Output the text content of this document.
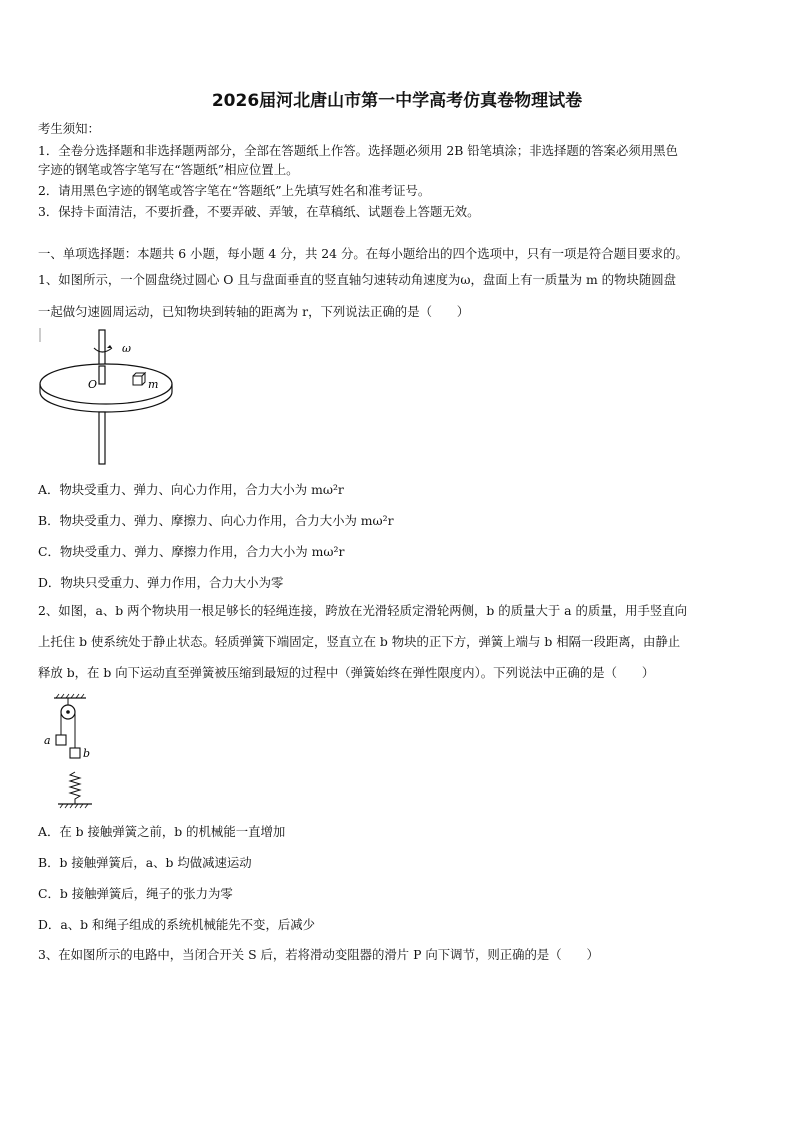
2026届河北唐山市第一中学高考仿真卷物理试卷
考生须知：
1．全卷分选择题和非选择题两部分，全部在答题纸上作答。选择题必须用 2B 铅笔填涂；非选择题的答案必须用黑色
字迹的钢笔或答字笔写在“答题纸”相应位置上。
2．请用黑色字迹的钢笔或答字笔在“答题纸”上先填写姓名和准考证号。
3．保持卡面清洁，不要折叠，不要弄破、弄皱，在草稿纸、试题卷上答题无效。
一、单项选择题：本题共 6 小题，每小题 4 分，共 24 分。在每小题给出的四个选项中，只有一项是符合题目要求的。
1、如图所示，一个圆盘绕过圆心 O 且与盘面垂直的竖直轴匀速转动角速度为ω，盘面上有一质量为 m 的物块随圆盘
一起做匀速圆周运动，已知物块到转轴的距离为 r，下列说法正确的是（　　）
ω
O	m
A．物块受重力、弹力、向心力作用，合力大小为 mω²r
B．物块受重力、弹力、摩擦力、向心力作用，合力大小为 mω²r
C．物块受重力、弹力、摩擦力作用，合力大小为 mω²r
D．物块只受重力、弹力作用，合力大小为零
2、如图，a、b 两个物块用一根足够长的轻绳连接，跨放在光滑轻质定滑轮两侧，b 的质量大于 a 的质量，用手竖直向
上托住 b 使系统处于静止状态。轻质弹簧下端固定，竖直立在 b 物块的正下方，弹簧上端与 b 相隔一段距离，由静止
释放 b，在 b 向下运动直至弹簧被压缩到最短的过程中（弹簧始终在弹性限度内）。下列说法中正确的是（　　）
a
b
A．在 b 接触弹簧之前，b 的机械能一直增加
B．b 接触弹簧后，a、b 均做减速运动
C．b 接触弹簧后，绳子的张力为零
D．a、b 和绳子组成的系统机械能先不变，后减少
3、在如图所示的电路中，当闭合开关 S 后，若将滑动变阻器的滑片 P 向下调节，则正确的是（　　）
